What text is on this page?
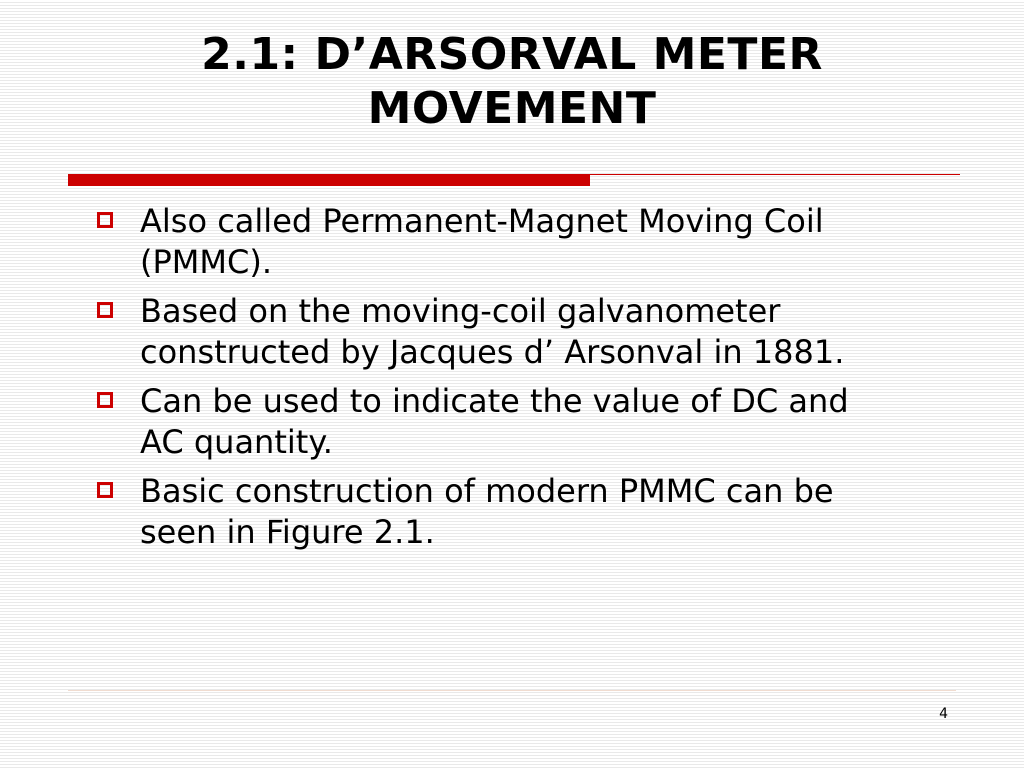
2.1: D’ARSORVAL METER
MOVEMENT
Also called Permanent-Magnet Moving Coil
(PMMC).
Based on the moving-coil galvanometer
constructed by Jacques d’ Arsonval in 1881.
Can be used to indicate the value of DC and
AC quantity.
Basic construction of modern PMMC can be
seen in Figure 2.1.
4
